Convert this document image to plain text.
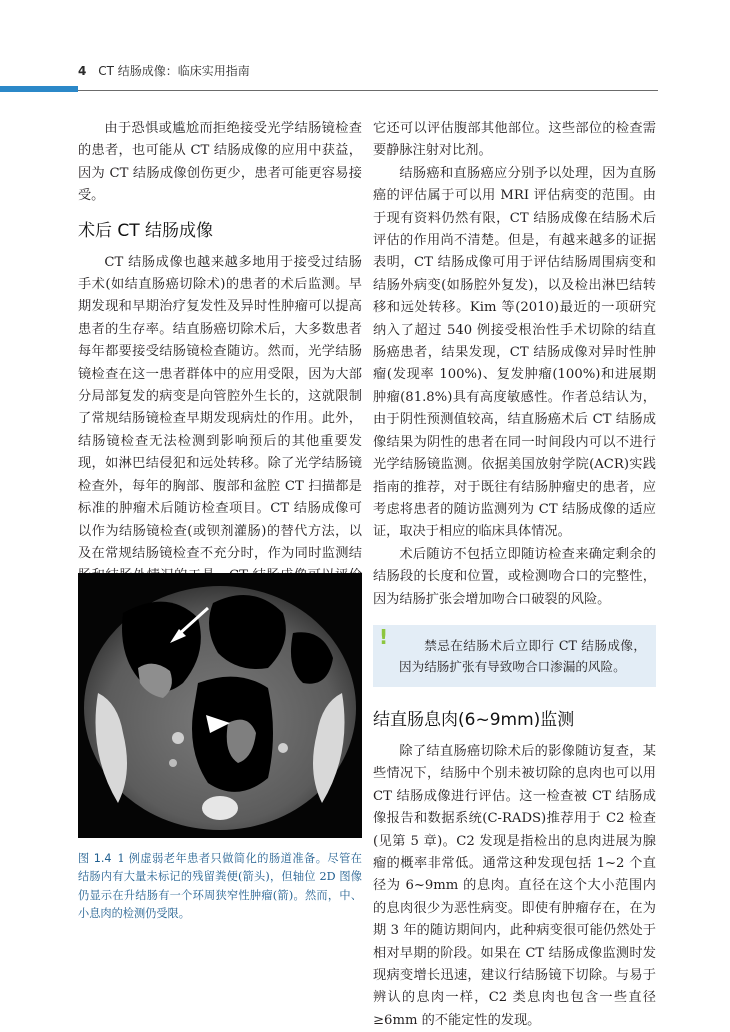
4 CT 结肠成像：临床实用指南

由于恐惧或尴尬而拒绝接受光学结肠镜检查的患者，也可能从 CT 结肠成像的应用中获益，因为 CT 结肠成像创伤更少，患者可能更容易接受。

术后 CT 结肠成像

CT 结肠成像也越来越多地用于接受过结肠手术(如结直肠癌切除术)的患者的术后监测。早期发现和早期治疗复发性及异时性肿瘤可以提高患者的生存率。结直肠癌切除术后，大多数患者每年都要接受结肠镜检查随访。然而，光学结肠镜检查在这一患者群体中的应用受限，因为大部分局部复发的病变是向管腔外生长的，这就限制了常规结肠镜检查早期发现病灶的作用。此外，结肠镜检查无法检测到影响预后的其他重要发现，如淋巴结侵犯和远处转移。除了光学结肠镜检查外，每年的胸部、腹部和盆腔 CT 扫描都是标准的肿瘤术后随访检查项目。CT 结肠成像可以作为结肠镜检查(或钡剂灌肠)的替代方法，以及在常规结肠镜检查不充分时，作为同时监测结

图 1.4 1 例虚弱老年患者只做简化的肠道准备。尽管在结肠内有大量未标记的残留粪便(箭头)，但轴位 2D 图像仍显示在升结肠有一个环周狭窄性肿瘤(箭)。然而，中、小息肉的检测仍受限。

它还可以评估腹部其他部位。这些部位的检查需要静脉注射对比剂。

结肠癌和直肠癌应分别予以处理，因为直肠癌的评估属于可以用 MRI 评估病变的范围。由于现有资料仍然有限，CT 结肠成像在结肠术后评估的作用尚不清楚。但是，有越来越多的证据表明，CT 结肠成像可用于评估结肠周围病变和结肠外病变(如肠腔外复发)，以及检出淋巴结转移和远处转移。Kim 等(2010)最近的一项研究纳入了超过 540 例接受根治性手术切除的结直肠癌患者，结果发现，CT 结肠成像对异时性肿瘤(发现率 100%)、复发肿瘤(100%)和进展期肿瘤(81.8%)具有高度敏感性。作者总结认为，由于阴性预测值较高，结直肠癌术后 CT 结肠成像结果为阴性的患者在同一时间段内可以不进行光学结肠镜监测。依据美国放射学院(ACR)实践指南的推荐，对于既往有结肠肿瘤史的患者，应考虑将患者的随访监测列为 CT 结肠成像的适应证，取决于相应的临床具体情况。

术后随访不包括立即随访检查来确定剩余的结肠段的长度和位置，或检测吻合口的完整性，因为结肠扩张会增加吻合口破裂的风险。

!	禁忌在结肠术后立即行 CT 结肠成像，因为结肠扩张有导致吻合口渗漏的风险。
结直肠息肉(6~9mm)监测

除了结直肠癌切除术后的影像随访复查，某些情况下，结肠中个别未被切除的息肉也可以用 CT 结肠成像进行评估。这一检查被 CT 结肠成像报告和数据系统(C-RADS)推荐用于 C2 检查(见第 5 章)。C2 发现是指检出的息肉进展为腺瘤的概率非常低。通常这种发现包括 1~2 个直径为 6~9mm 的息肉。直径在这个大小范围内的息肉很少为恶性病变。即使有肿瘤存在，在为期 3 年的随访期间内，此种病变很可能仍然处于相对早期的阶段。如果在 CT 结肠成像监测时发现病变增长迅速，建议行结肠镜下切除。与易于辨认的息肉一样，C2 类息肉也包含一些直径≥6mm 的不能定性的发现。
